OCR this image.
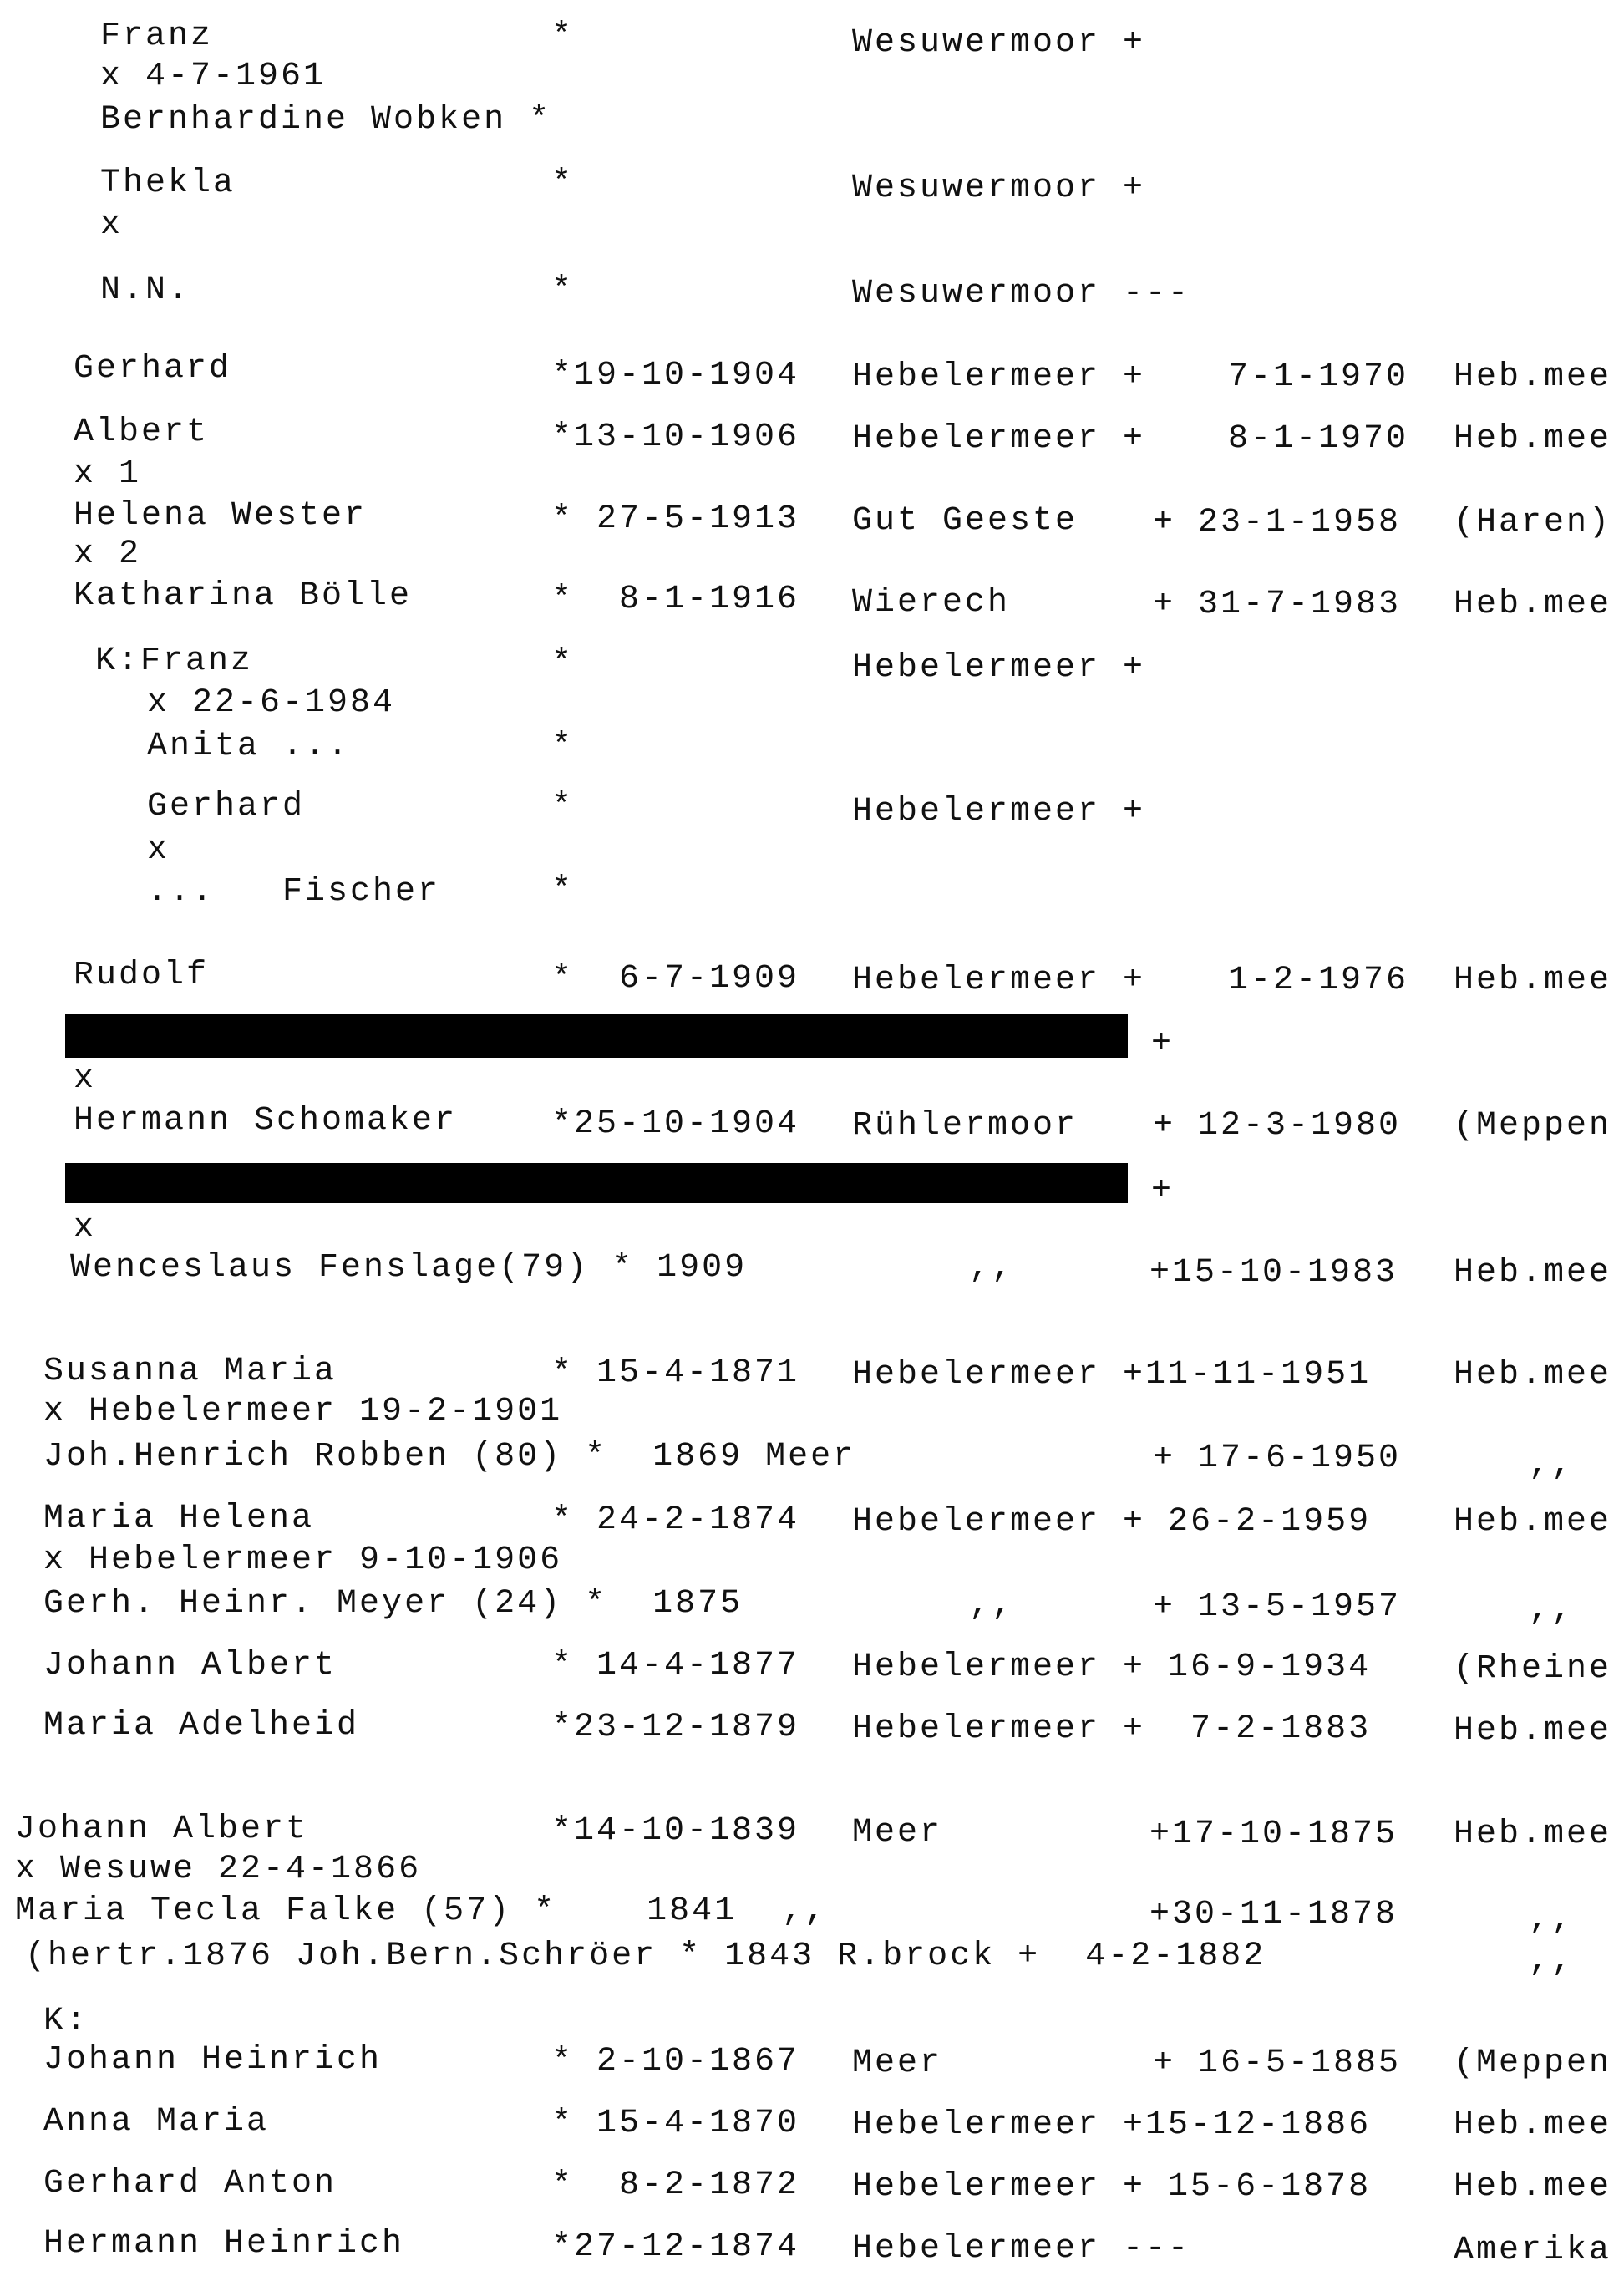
Franz	*	Wesuwermoor +
x 4-7-1961
Bernhardine Wobken *
Thekla	*	Wesuwermoor +
x
N.N.	*	Wesuwermoor ---
Gerhard	*19-10-1904 Hebelermeer + 7-1-1970 Heb.mee
Albert	*13-10-1906 Hebelermeer + 8-1-1970 Heb.mee
x 1
Helena Wester	* 27-5-1913 Gut Geeste + 23-1-1958 (Haren)
x 2
Katharina Bölle	*  8-1-1916 Wierech	+ 31-7-1983 Heb.mee
K:Franz	*	Hebelermeer +
x 22-6-1984
Anita ...	*
Gerhard	*	Hebelermeer +
x
...   Fischer	*
Rudolf	*  6-7-1909 Hebelermeer + 1-2-1976 Heb.mee
+
x
Hermann Schomaker	*25-10-1904 Rühlermoor + 12-3-1980 (Meppen
+
x
Wenceslaus Fenslage(79) * 1909	,,	+15-10-1983 Heb.mee
Susanna Maria	* 15-4-1871 Hebelermeer +11-11-1951 Heb.mee
x Hebelermeer 19-2-1901
Joh.Henrich Robben (80) *  1869 Meer	+ 17-6-1950	,,
Maria Helena	* 24-2-1874 Hebelermeer + 26-2-1959 Heb.mee
x Hebelermeer 9-10-1906
Gerh. Heinr. Meyer (24) *  1875	,,	+ 13-5-1957	,,
Johann Albert	* 14-4-1877 Hebelermeer + 16-9-1934 (Rheine
Maria Adelheid	*23-12-1879 Hebelermeer +  7-2-1883 Heb.mee
Johann Albert	*14-10-1839 Meer	+17-10-1875 Heb.mee
x Wesuwe 22-4-1866
Maria Tecla Falke (57) *    1841  ,,	+30-11-1878	,,
(hertr.1876 Joh.Bern.Schröer * 1843 R.brock +  4-2-1882	,,
K:
Johann Heinrich	* 2-10-1867 Meer	+ 16-5-1885 (Meppen
Anna Maria	* 15-4-1870 Hebelermeer +15-12-1886 Heb.mee
Gerhard Anton	*  8-2-1872 Hebelermeer + 15-6-1878 Heb.mee
Hermann Heinrich	*27-12-1874 Hebelermeer ---	Amerika
